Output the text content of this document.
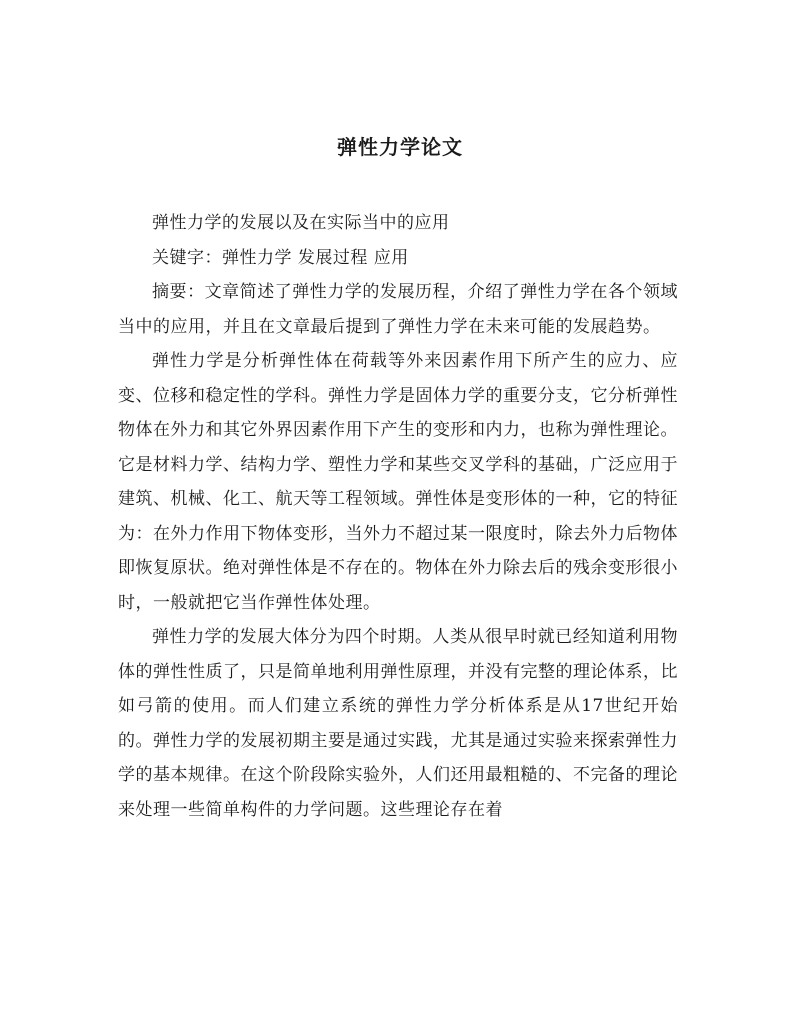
弹性力学论文

弹性力学的发展以及在实际当中的应用

关键字：弹性力学 发展过程 应用

摘要：文章简述了弹性力学的发展历程，介绍了弹性力学在各个领域当中的应用，并且在文章最后提到了弹性力学在未来可能的发展趋势。

弹性力学是分析弹性体在荷载等外来因素作用下所产生的应力、应变、位移和稳定性的学科。弹性力学是固体力学的重要分支，它分析弹性物体在外力和其它外界因素作用下产生的变形和内力，也称为弹性理论。它是材料力学、结构力学、塑性力学和某些交叉学科的基础，广泛应用于建筑、机械、化工、航天等工程领域。弹性体是变形体的一种，它的特征为：在外力作用下物体变形，当外力不超过某一限度时，除去外力后物体即恢复原状。绝对弹性体是不存在的。物体在外力除去后的残余变形很小时，一般就把它当作弹性体处理。

弹性力学的发展大体分为四个时期。人类从很早时就已经知道利用物体的弹性性质了，只是简单地利用弹性原理，并没有完整的理论体系，比如弓箭的使用。而人们建立系统的弹性力学分析体系是从17世纪开始的。弹性力学的发展初期主要是通过实践，尤其是通过实验来探索弹性力学的基本规律。在这个阶段除实验外，人们还用最粗糙的、不完备的理论来处理一些简单构件的力学问题。这些理论存在着
